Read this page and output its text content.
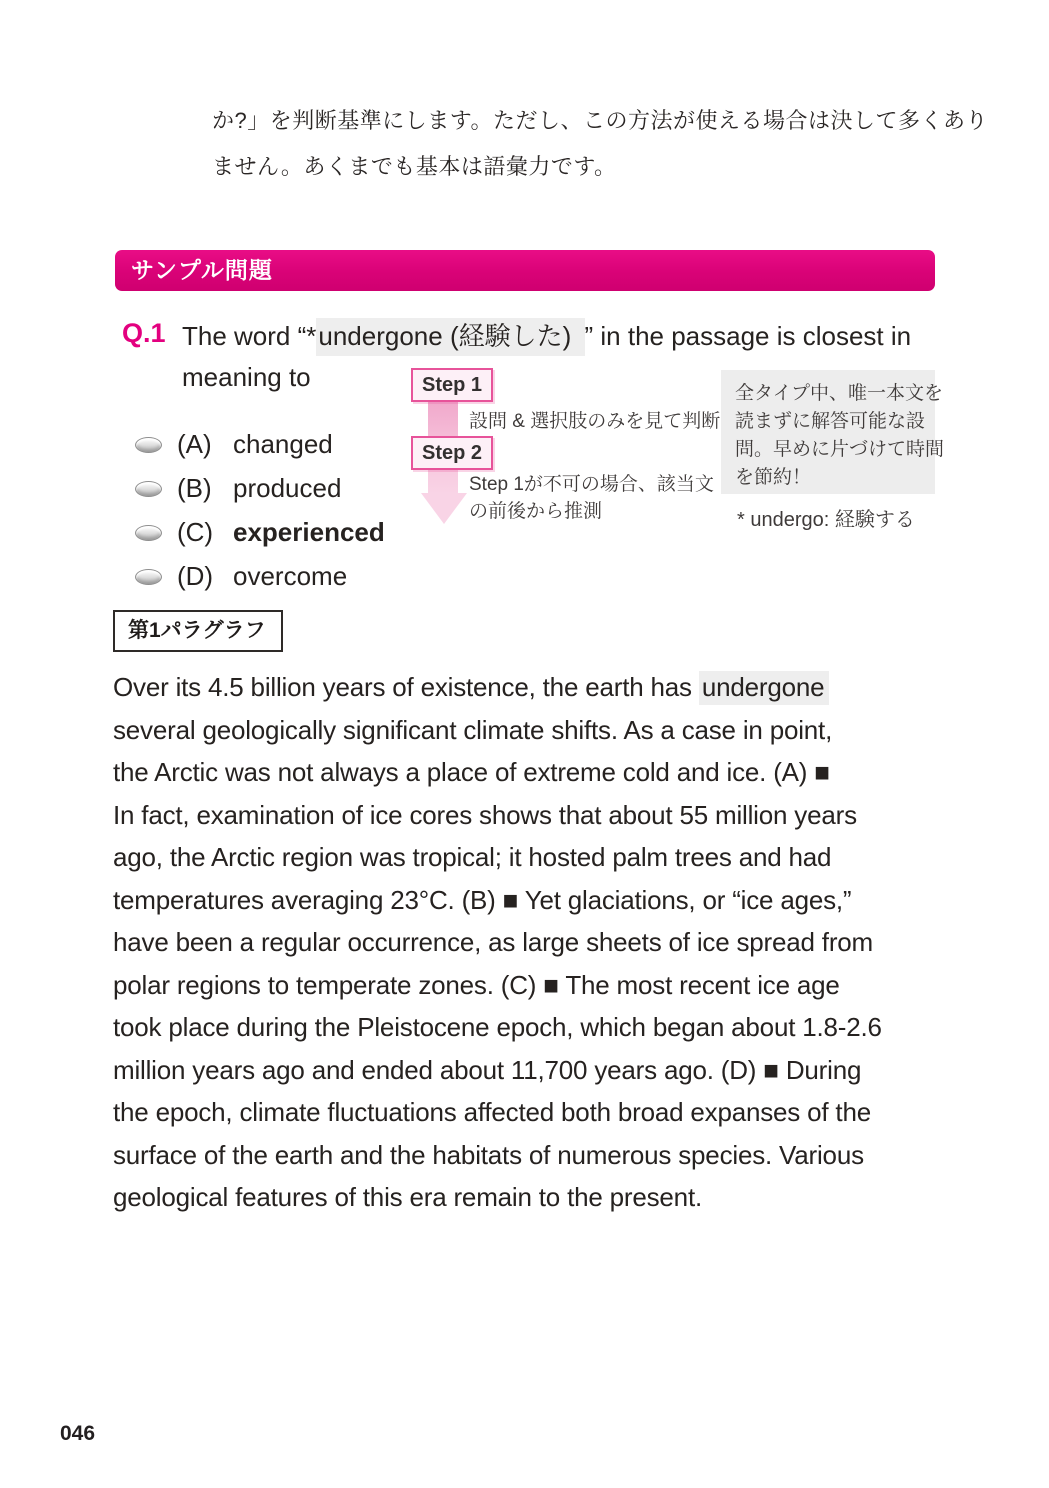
か?」を判断基準にします。ただし、この方法が使える場合は決して多くあり
ません。あくまでも基本は語彙力です。
サンプル問題
Q.1 The word “*undergone (経験した) ” in the passage is closest in
meaning to
(A) changed
(B) produced
(C) experienced
(D) overcome
Step 1
設問 & 選択肢のみを見て判断
Step 2
Step 1が不可の場合、該当文
の前後から推測
全タイプ中、唯一本文を
読まずに解答可能な設
問。早めに片づけて時間
を節約！
* undergo: 経験する
第1パラグラフ
Over its 4.5 billion years of existence, the earth has undergone
several geologically significant climate shifts. As a case in point,
the Arctic was not always a place of extreme cold and ice. (A) ■
In fact, examination of ice cores shows that about 55 million years
ago, the Arctic region was tropical; it hosted palm trees and had
temperatures averaging 23°C. (B) ■ Yet glaciations, or “ice ages,”
have been a regular occurrence, as large sheets of ice spread from
polar regions to temperate zones. (C) ■ The most recent ice age
took place during the Pleistocene epoch, which began about 1.8-2.6
million years ago and ended about 11,700 years ago. (D) ■ During
the epoch, climate fluctuations affected both broad expanses of the
surface of the earth and the habitats of numerous species. Various
geological features of this era remain to the present.
046
